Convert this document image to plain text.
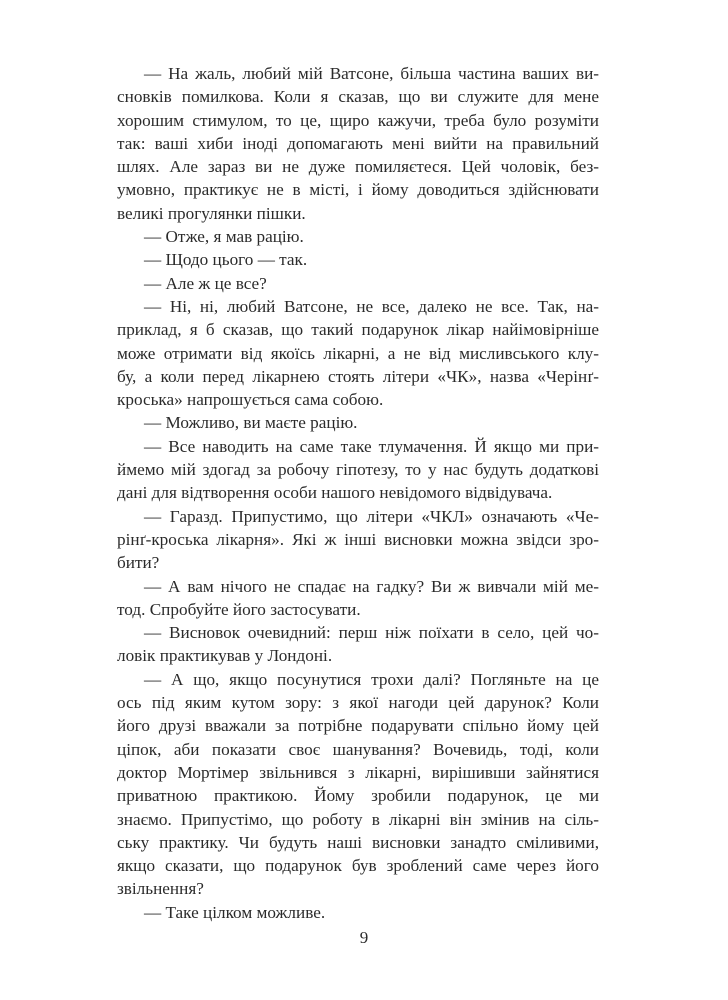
— На жаль, любий мій Ватсоне, більша частина ваших ви-
сновків помилкова. Коли я сказав, що ви служите для мене
хорошим стимулом, то це, щиро кажучи, треба було розуміти
так: ваші хиби іноді допомагають мені вийти на правильний
шлях. Але зараз ви не дуже помиляєтеся. Цей чоловік, без-
умовно, практикує не в місті, і йому доводиться здійснювати
великі прогулянки пішки.
— Отже, я мав рацію.
— Щодо цього — так.
— Але ж це все?
— Ні, ні, любий Ватсоне, не все, далеко не все. Так, на-
приклад, я б сказав, що такий подарунок лікар найімовірніше
може отримати від якоїсь лікарні, а не від мисливського клу-
бу, а коли перед лікарнею стоять літери «ЧК», назва «Черінґ-
кроська» напрошується сама собою.
— Можливо, ви маєте рацію.
— Все наводить на саме таке тлумачення. Й якщо ми при-
ймемо мій здогад за робочу гіпотезу, то у нас будуть додаткові
дані для відтворення особи нашого невідомого відвідувача.
— Гаразд. Припустимо, що літери «ЧКЛ» означають «Че-
рінґ-кроська лікарня». Які ж інші висновки можна звідси зро-
бити?
— А вам нічого не спадає на гадку? Ви ж вивчали мій ме-
тод. Спробуйте його застосувати.
— Висновок очевидний: перш ніж поїхати в село, цей чо-
ловік практикував у Лондоні.
— А що, якщо посунутися трохи далі? Погляньте на це
ось під яким кутом зору: з якої нагоди цей дарунок? Коли
його друзі вважали за потрібне подарувати спільно йому цей
ціпок, аби показати своє шанування? Вочевидь, тоді, коли
доктор Мортімер звільнився з лікарні, вирішивши зайнятися
приватною практикою. Йому зробили подарунок, це ми
знаємо. Припустімо, що роботу в лікарні він змінив на сіль-
ську практику. Чи будуть наші висновки занадто сміливими,
якщо сказати, що подарунок був зроблений саме через його
звільнення?
— Таке цілком можливе.
9
